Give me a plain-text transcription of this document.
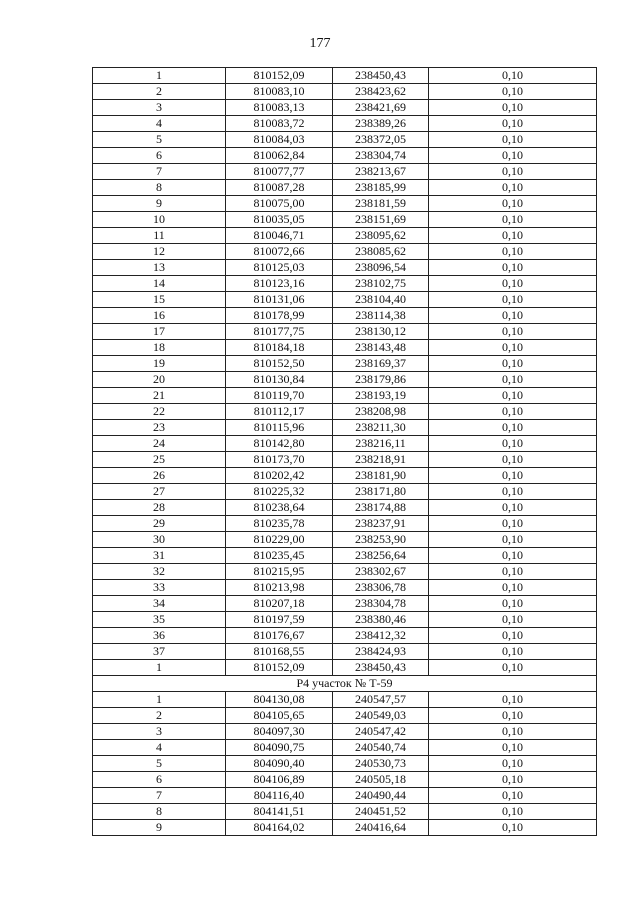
177
1	810152,09	238450,43	0,10
2	810083,10	238423,62	0,10
3	810083,13	238421,69	0,10
4	810083,72	238389,26	0,10
5	810084,03	238372,05	0,10
6	810062,84	238304,74	0,10
7	810077,77	238213,67	0,10
8	810087,28	238185,99	0,10
9	810075,00	238181,59	0,10
10	810035,05	238151,69	0,10
11	810046,71	238095,62	0,10
12	810072,66	238085,62	0,10
13	810125,03	238096,54	0,10
14	810123,16	238102,75	0,10
15	810131,06	238104,40	0,10
16	810178,99	238114,38	0,10
17	810177,75	238130,12	0,10
18	810184,18	238143,48	0,10
19	810152,50	238169,37	0,10
20	810130,84	238179,86	0,10
21	810119,70	238193,19	0,10
22	810112,17	238208,98	0,10
23	810115,96	238211,30	0,10
24	810142,80	238216,11	0,10
25	810173,70	238218,91	0,10
26	810202,42	238181,90	0,10
27	810225,32	238171,80	0,10
28	810238,64	238174,88	0,10
29	810235,78	238237,91	0,10
30	810229,00	238253,90	0,10
31	810235,45	238256,64	0,10
32	810215,95	238302,67	0,10
33	810213,98	238306,78	0,10
34	810207,18	238304,78	0,10
35	810197,59	238380,46	0,10
36	810176,67	238412,32	0,10
37	810168,55	238424,93	0,10
1	810152,09	238450,43	0,10
Р4 участок № Т-59			
1	804130,08	240547,57	0,10
2	804105,65	240549,03	0,10
3	804097,30	240547,42	0,10
4	804090,75	240540,74	0,10
5	804090,40	240530,73	0,10
6	804106,89	240505,18	0,10
7	804116,40	240490,44	0,10
8	804141,51	240451,52	0,10
9	804164,02	240416,64	0,10
